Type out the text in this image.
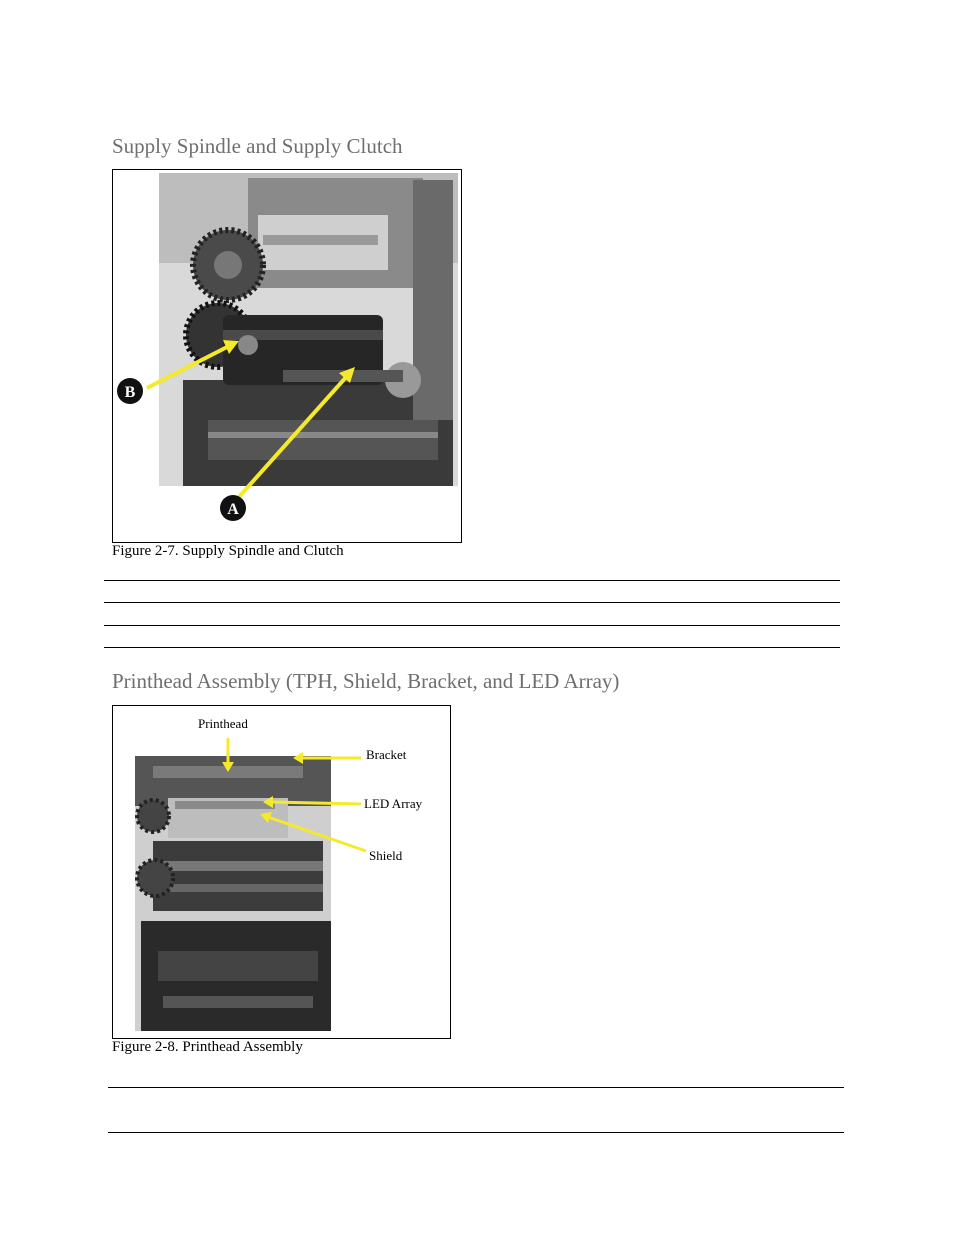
Supply Spindle and Supply Clutch
B
A
Figure 2-7. Supply Spindle and Clutch
Printhead Assembly (TPH, Shield, Bracket, and LED Array)
Printhead
Bracket
LED Array
Shield
Figure 2-8. Printhead Assembly
